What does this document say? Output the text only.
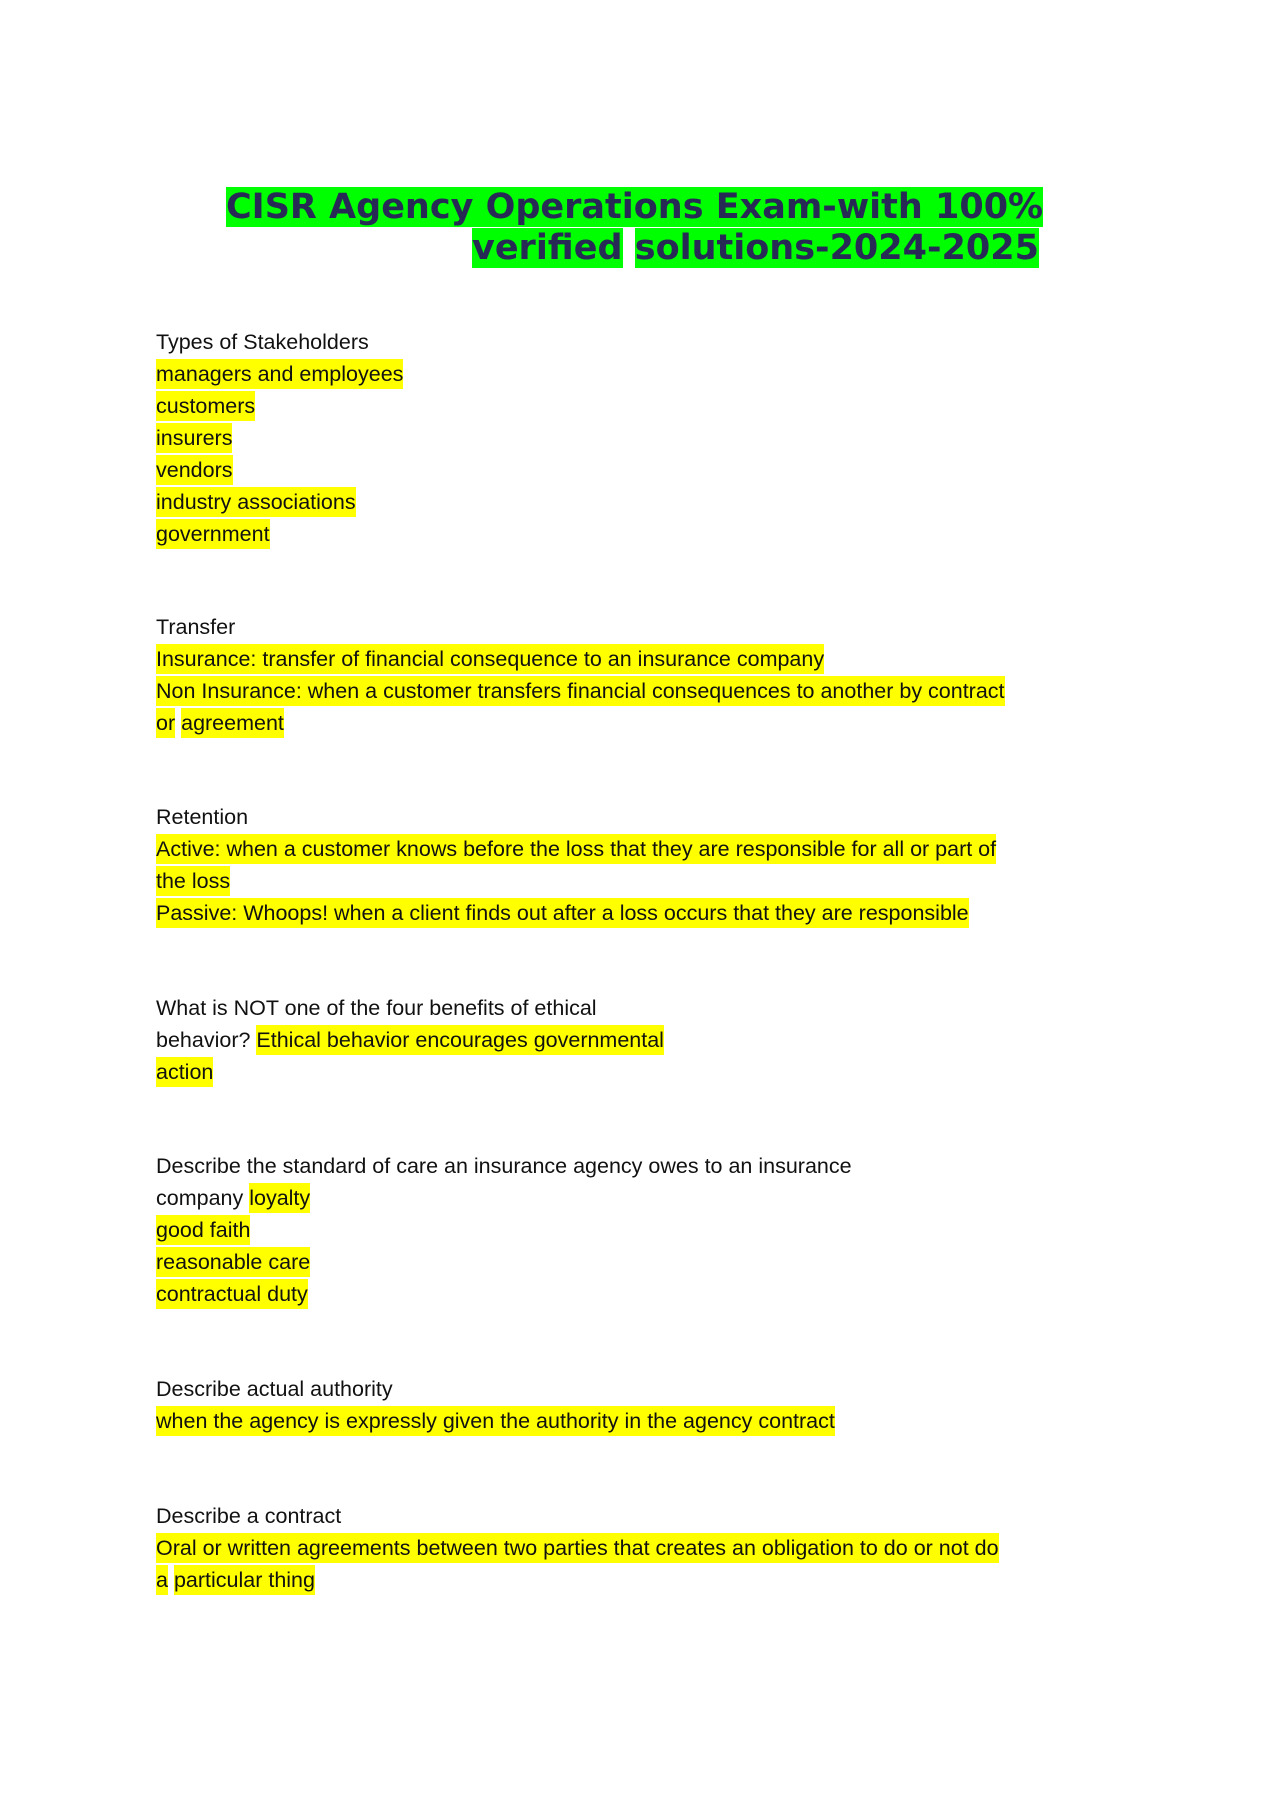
CISR Agency Operations Exam-with 100%
verified solutions-2024-2025
Types of Stakeholders
managers and employees
customers
insurers
vendors
industry associations
government
Transfer
Insurance: transfer of financial consequence to an insurance company
Non Insurance: when a customer transfers financial consequences to another by contract
or agreement
Retention
Active: when a customer knows before the loss that they are responsible for all or part of
the loss
Passive: Whoops! when a client finds out after a loss occurs that they are responsible
What is NOT one of the four benefits of ethical
behavior? Ethical behavior encourages governmental
action
Describe the standard of care an insurance agency owes to an insurance
company loyalty
good faith
reasonable care
contractual duty
Describe actual authority
when the agency is expressly given the authority in the agency contract
Describe a contract
Oral or written agreements between two parties that creates an obligation to do or not do
a particular thing
